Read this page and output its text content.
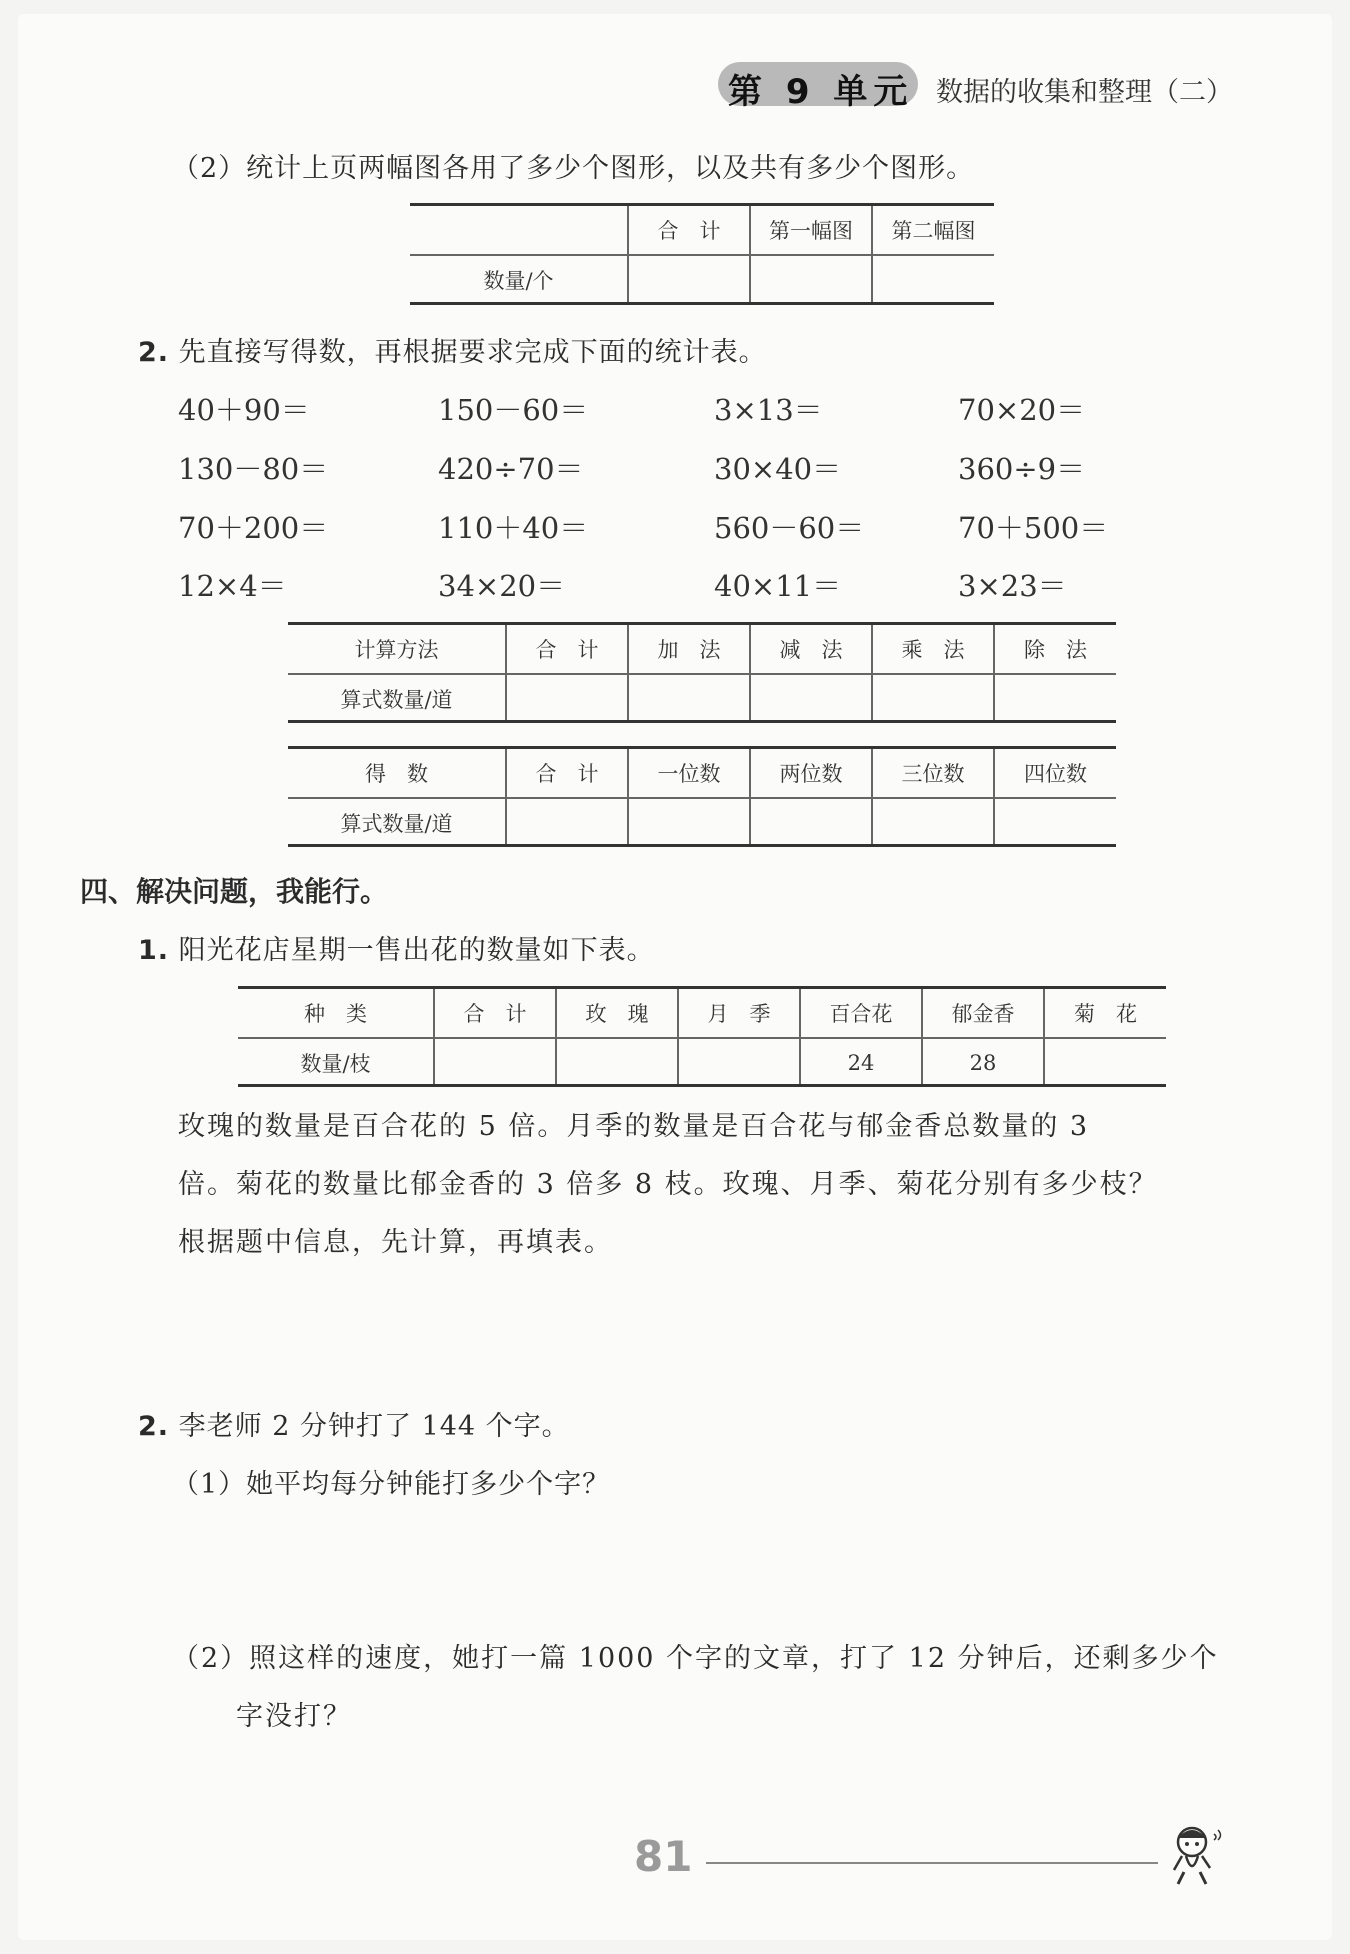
第 9 单元 数据的收集和整理（二）
（2）统计上页两幅图各用了多少个图形，以及共有多少个图形。
	合　计	第一幅图	第二幅图
数量/个			
2. 先直接写得数，再根据要求完成下面的统计表。
40＋90＝	150－60＝	3×13＝	70×20＝
130－80＝	420÷70＝	30×40＝	360÷9＝
70＋200＝	110＋40＝	560－60＝	70＋500＝
12×4＝	34×20＝	40×11＝	3×23＝
计算方法	合　计	加　法	减　法	乘　法	除　法
算式数量/道					
得　数	合　计	一位数	两位数	三位数	四位数
算式数量/道					
四、解决问题，我能行。
1. 阳光花店星期一售出花的数量如下表。
种　类	合　计	玫　瑰	月　季	百合花	郁金香	菊　花
数量/枝				24	28	
玫瑰的数量是百合花的 5 倍。月季的数量是百合花与郁金香总数量的 3
倍。菊花的数量比郁金香的 3 倍多 8 枝。玫瑰、月季、菊花分别有多少枝？
根据题中信息，先计算，再填表。
2. 李老师 2 分钟打了 144 个字。
（1）她平均每分钟能打多少个字？
（2）照这样的速度，她打一篇 1000 个字的文章，打了 12 分钟后，还剩多少个
字没打？
81
